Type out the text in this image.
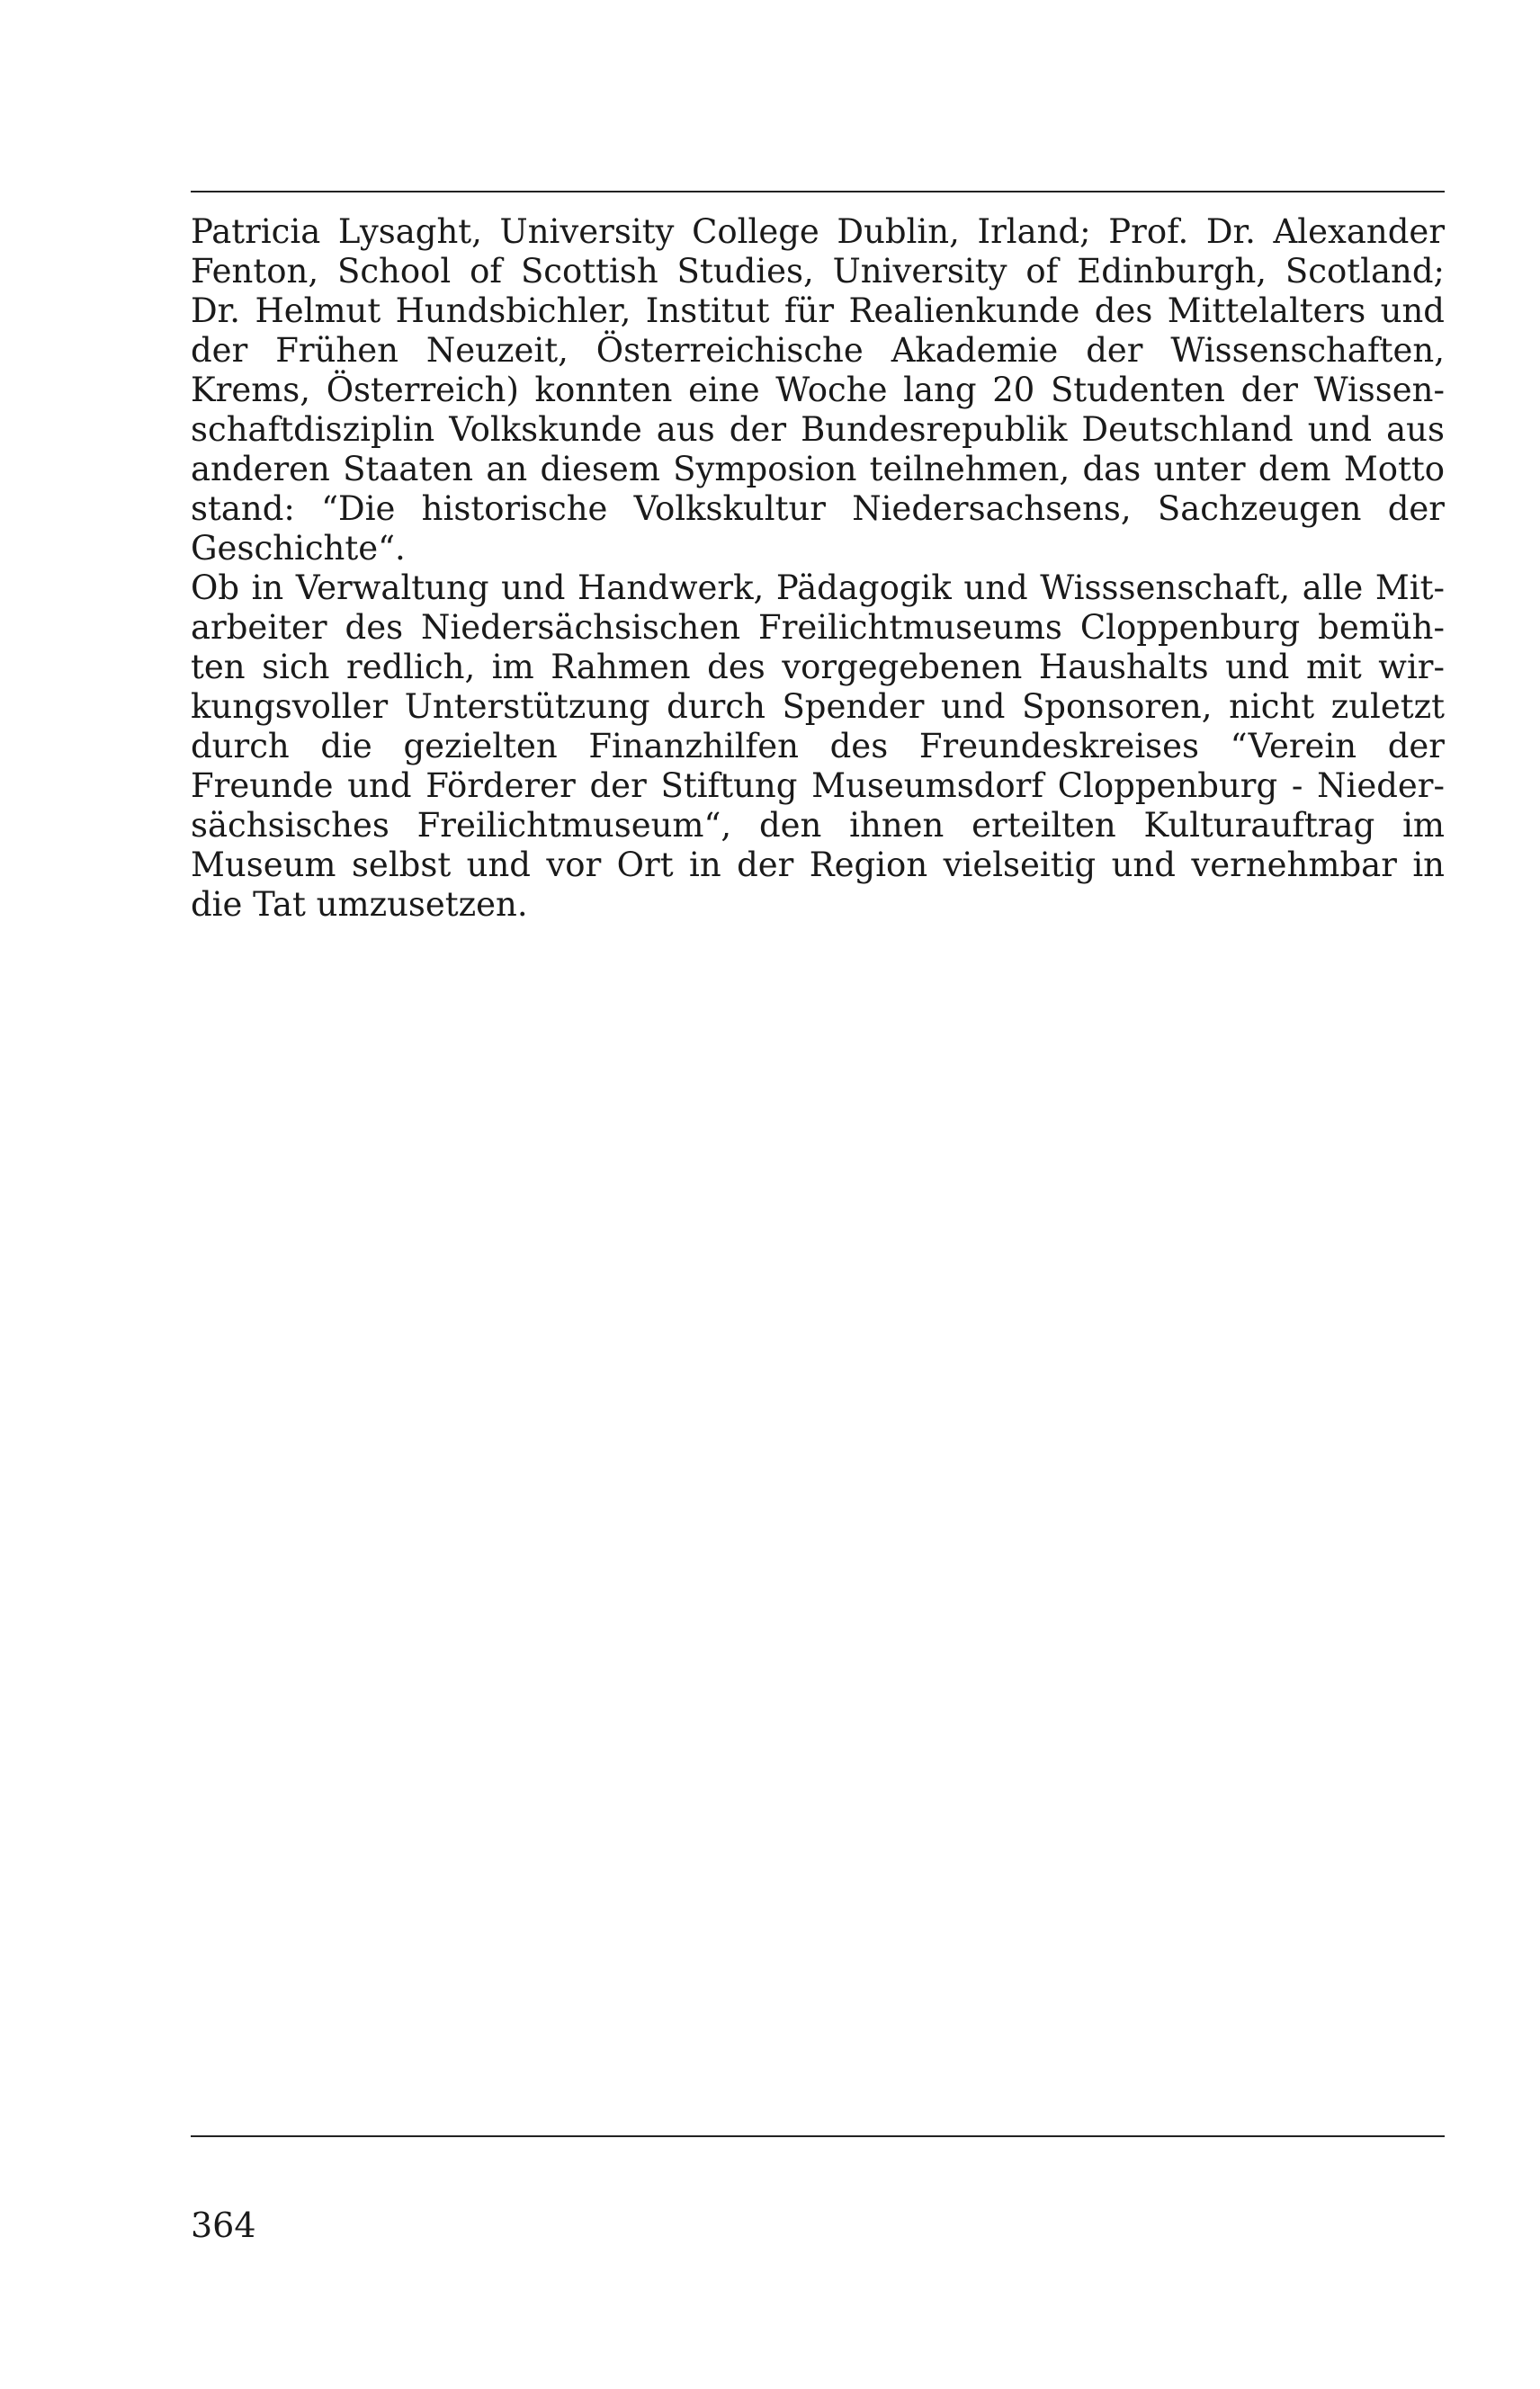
Patricia Lysaght, University College Dublin, Irland; Prof. Dr. Alexander
Fenton, School of Scottish Studies, University of Edinburgh, Scotland;
Dr. Helmut Hundsbichler, Institut für Realienkunde des Mittelalters und
der Frühen Neuzeit, Österreichische Akademie der Wissenschaften,
Krems, Österreich) konnten eine Woche lang 20 Studenten der Wissen-
schaftdisziplin Volkskunde aus der Bundesrepublik Deutschland und aus
anderen Staaten an diesem Symposion teilnehmen, das unter dem Motto
stand: “Die historische Volkskultur Niedersachsens, Sachzeugen der
Geschichte“.
Ob in Verwaltung und Handwerk, Pädagogik und Wisssenschaft, alle Mit-
arbeiter des Niedersächsischen Freilichtmuseums Cloppenburg bemüh-
ten sich redlich, im Rahmen des vorgegebenen Haushalts und mit wir-
kungsvoller Unterstützung durch Spender und Sponsoren, nicht zuletzt
durch die gezielten Finanzhilfen des Freundeskreises “Verein der
Freunde und Förderer der Stiftung Museumsdorf Cloppenburg - Nieder-
sächsisches Freilichtmuseum“, den ihnen erteilten Kulturauftrag im
Museum selbst und vor Ort in der Region vielseitig und vernehmbar in
die Tat umzusetzen.
364
